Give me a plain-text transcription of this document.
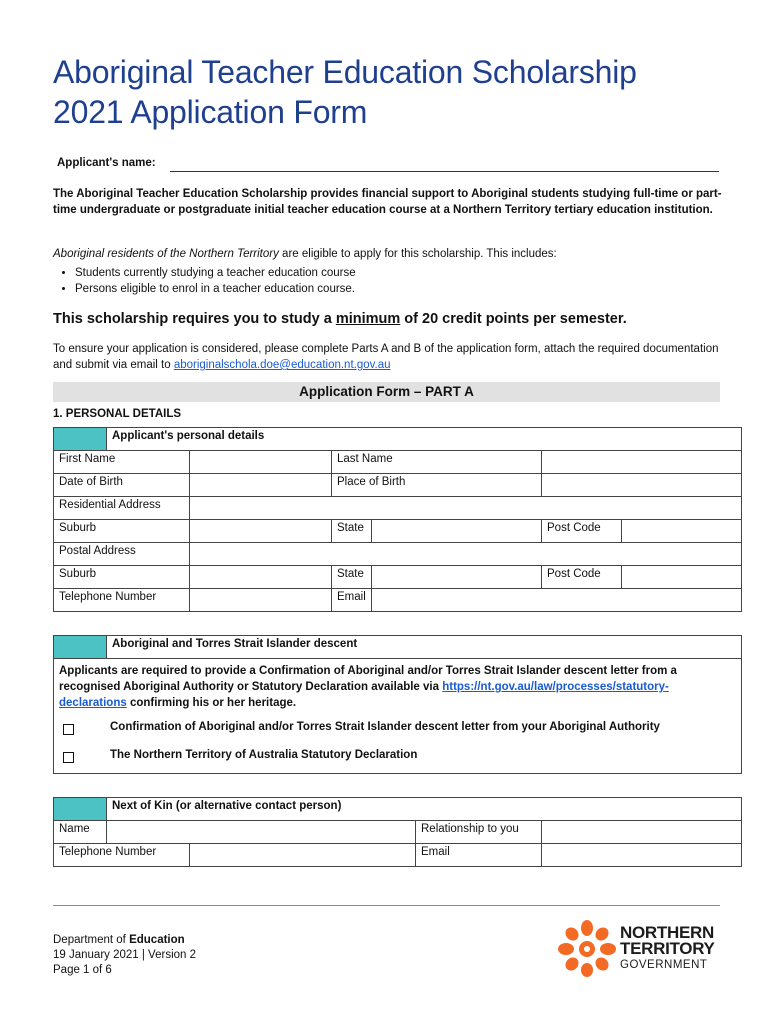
Aboriginal Teacher Education Scholarship
2021 Application Form
Applicant's name:
The Aboriginal Teacher Education Scholarship provides financial support to Aboriginal students studying full-time or part-time undergraduate or postgraduate initial teacher education course at a Northern Territory tertiary education institution.
Aboriginal residents of the Northern Territory are eligible to apply for this scholarship. This includes:
• Students currently studying a teacher education course
• Persons eligible to enrol in a teacher education course.
This scholarship requires you to study a minimum of 20 credit points per semester.
To ensure your application is considered, please complete Parts A and B of the application form, attach the required documentation and submit via email to aboriginalschola.doe@education.nt.gov.au
Application Form – PART A
1. PERSONAL DETAILS
	Applicant's personal details					
First Name			Last Name			
Date of Birth			Place of Birth			
Residential Address						
Suburb			State		Post Code	
Postal Address						
Suburb			State		Post Code	
Telephone Number			Email			
	Aboriginal and Torres Strait Islander descent

Applicants are required to provide a Confirmation of Aboriginal and/or Torres Strait Islander descent letter from a recognised Aboriginal Authority or Statutory Declaration available via https://nt.gov.au/law/processes/statutory-declarations confirming his or her heritage.
Confirmation of Aboriginal and/or Torres Strait Islander descent letter from your Aboriginal Authority
The Northern Territory of Australia Statutory Declaration
	Next of Kin (or alternative contact person)			
Name			Relationship to you	
Telephone Number			Email	
Department of Education
19 January 2021 | Version 2
Page 1 of 6
NORTHERN
TERRITORY
GOVERNMENT
